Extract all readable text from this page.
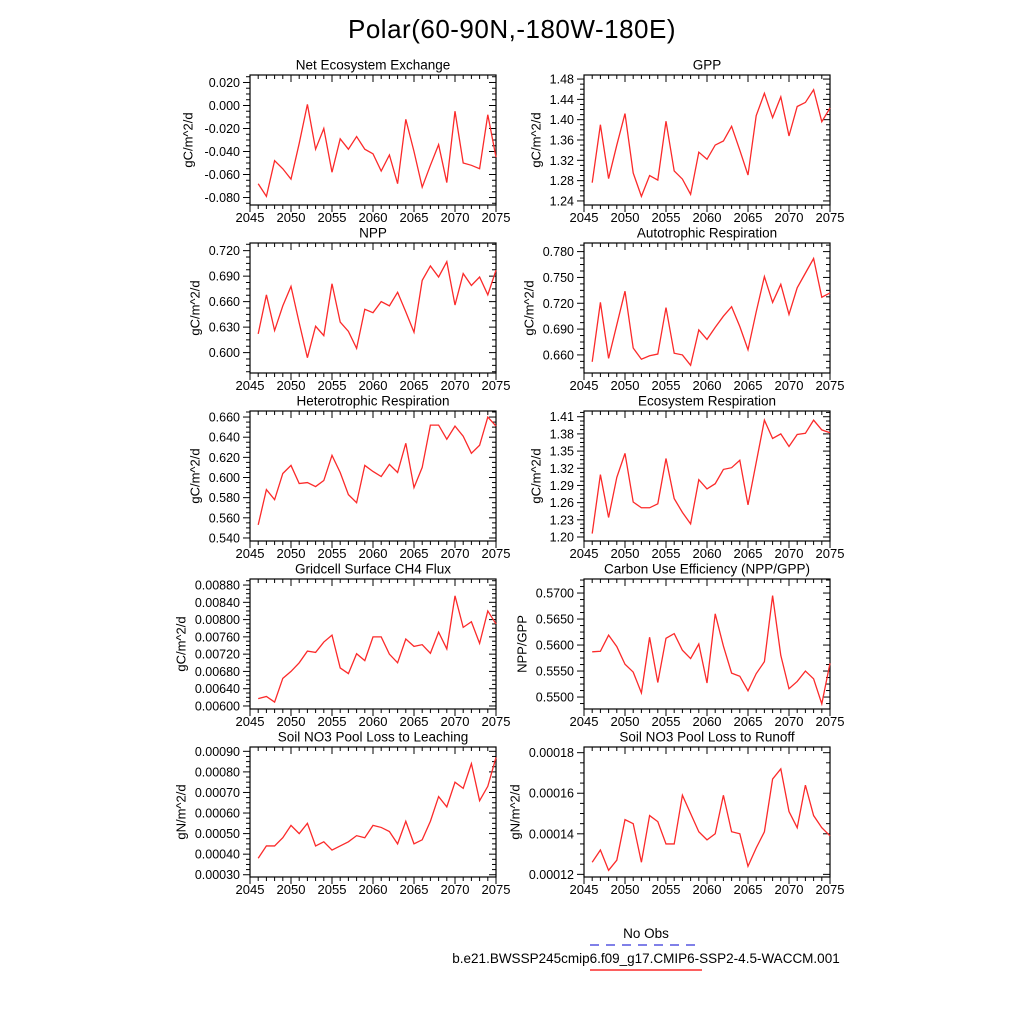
Polar(60-90N,-180W-180E)
2045 2050 2055 2060 2065 2070 2075
0.020
0.000
-0.020
-0.040
-0.060
-0.080
Net Ecosystem Exchange
gC/m^2/d
2045 2050 2055 2060 2065 2070 2075
1.48
1.44
1.40
1.36
1.32
1.28
1.24
GPP
gC/m^2/d
2045 2050 2055 2060 2065 2070 2075
0.720
0.690
0.660
0.630
0.600
NPP
gC/m^2/d
2045 2050 2055 2060 2065 2070 2075
0.780
0.750
0.720
0.690
0.660
Autotrophic Respiration
gC/m^2/d
2045 2050 2055 2060 2065 2070 2075
0.660
0.640
0.620
0.600
0.580
0.560
0.540
Heterotrophic Respiration
gC/m^2/d
2045 2050 2055 2060 2065 2070 2075
1.41
1.38
1.35
1.32
1.29
1.26
1.23
1.20
Ecosystem Respiration
gC/m^2/d
2045 2050 2055 2060 2065 2070 2075
0.00880
0.00840
0.00800
0.00760
0.00720
0.00680
0.00640
0.00600
Gridcell Surface CH4 Flux
gC/m^2/d
2045 2050 2055 2060 2065 2070 2075
0.5700
0.5650
0.5600
0.5550
0.5500
Carbon Use Efficiency (NPP/GPP)
NPP/GPP
2045 2050 2055 2060 2065 2070 2075
0.00090
0.00080
0.00070
0.00060
0.00050
0.00040
0.00030
Soil NO3 Pool Loss to Leaching
gN/m^2/d
2045 2050 2055 2060 2065 2070 2075
0.00018
0.00016
0.00014
0.00012
Soil NO3 Pool Loss to Runoff
gN/m^2/d
No Obs
b.e21.BWSSP245cmip6.f09_g17.CMIP6-SSP2-4.5-WACCM.001
